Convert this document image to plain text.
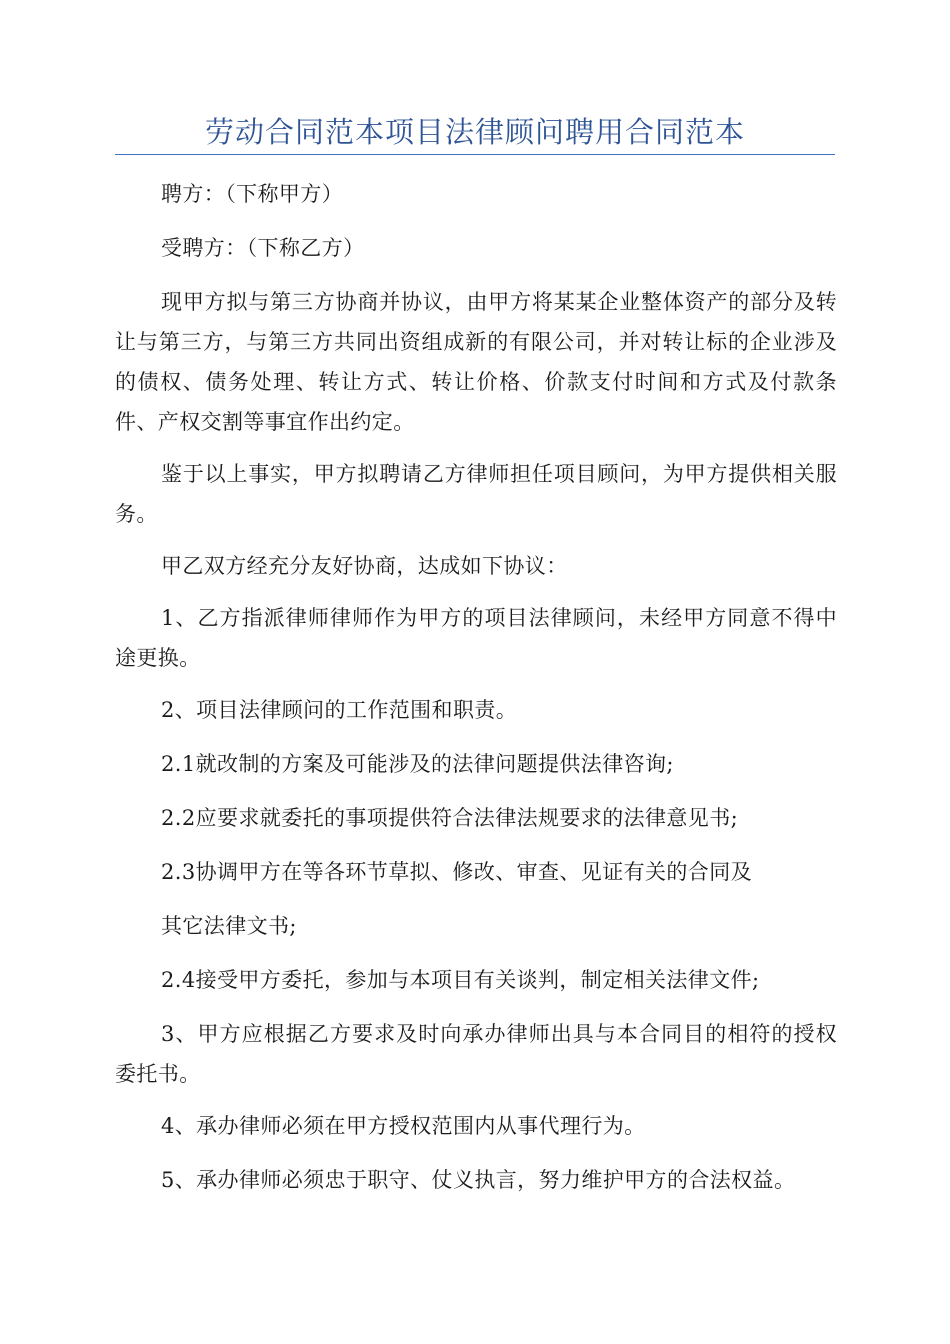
劳动合同范本项目法律顾问聘用合同范本

聘方：（下称甲方）

受聘方：（下称乙方）

现甲方拟与第三方协商并协议，由甲方将某某企业整体资产的部分及转让与第三方，与第三方共同出资组成新的有限公司，并对转让标的企业涉及的债权、债务处理、转让方式、转让价格、价款支付时间和方式及付款条件、产权交割等事宜作出约定。

鉴于以上事实，甲方拟聘请乙方律师担任项目顾问，为甲方提供相关服务。

甲乙双方经充分友好协商，达成如下协议：

1、乙方指派律师律师作为甲方的项目法律顾问，未经甲方同意不得中途更换。

2、项目法律顾问的工作范围和职责。

2.1就改制的方案及可能涉及的法律问题提供法律咨询;

2.2应要求就委托的事项提供符合法律法规要求的法律意见书;

2.3协调甲方在等各环节草拟、修改、审查、见证有关的合同及

其它法律文书;

2.4接受甲方委托，参加与本项目有关谈判，制定相关法律文件;

3、甲方应根据乙方要求及时向承办律师出具与本合同目的相符的授权委托书。

4、承办律师必须在甲方授权范围内从事代理行为。

5、承办律师必须忠于职守、仗义执言，努力维护甲方的合法权益。
